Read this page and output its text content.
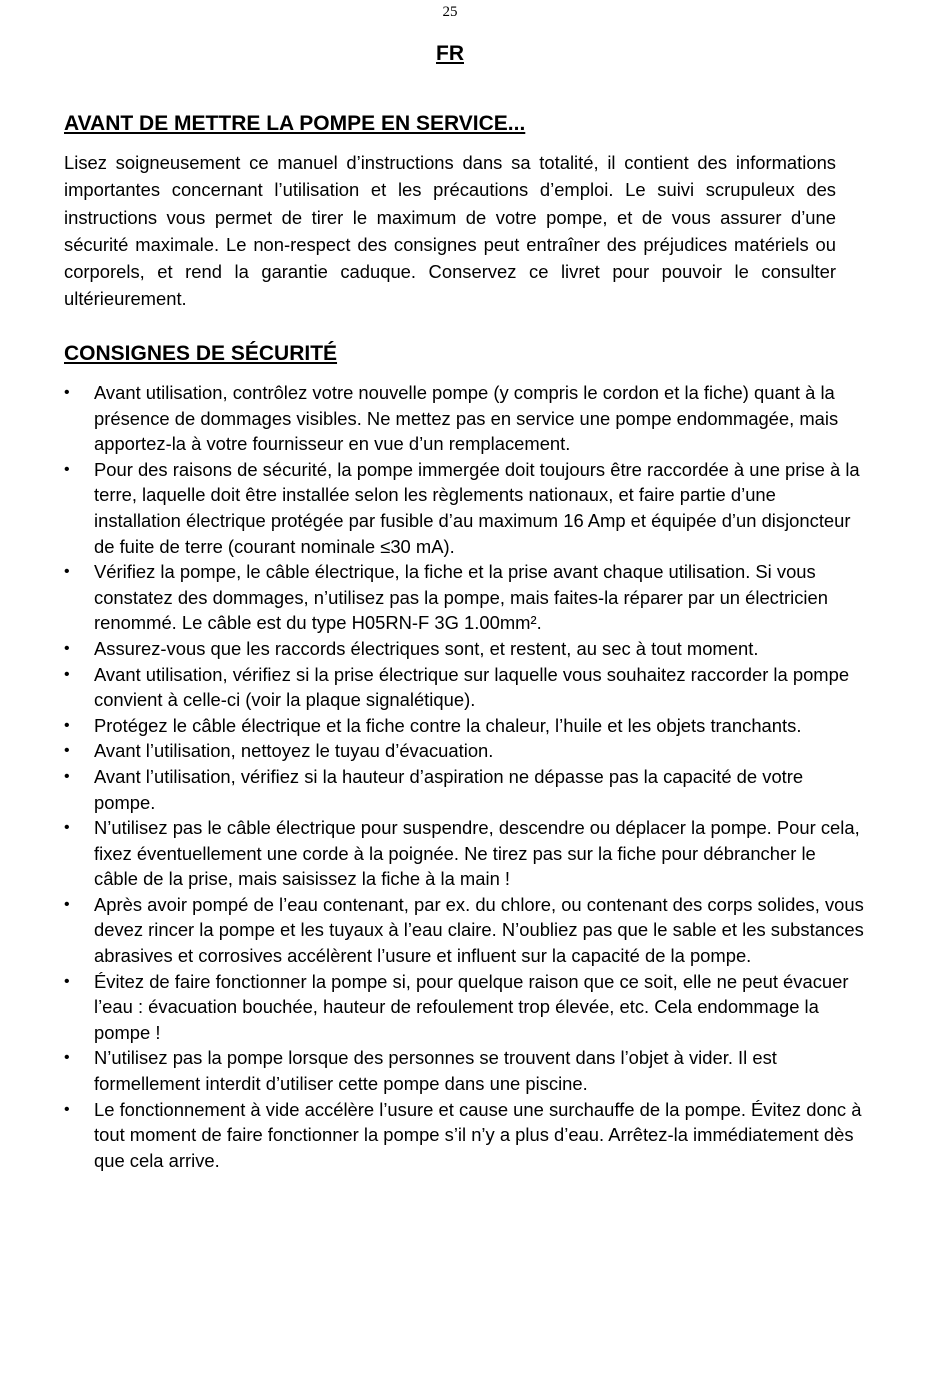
25
FR
AVANT DE METTRE LA POMPE EN SERVICE...

Lisez soigneusement ce manuel d’instructions dans sa totalité, il contient des informations importantes concernant l’utilisation et les précautions d’emploi. Le suivi scrupuleux des instructions vous permet de tirer le maximum de votre pompe, et de vous assurer d’une sécurité maximale. Le non-respect des consignes peut entraîner des préjudices matériels ou corporels, et rend la garantie caduque. Conservez ce livret pour pouvoir le consulter ultérieurement.

CONSIGNES DE SÉCURITÉ
• Avant utilisation, contrôlez votre nouvelle pompe (y compris le cordon et la fiche) quant à la présence de dommages visibles. Ne mettez pas en service une pompe endommagée, mais apportez-la à votre fournisseur en vue d’un remplacement.
• Pour des raisons de sécurité, la pompe immergée doit toujours être raccordée à une prise à la terre, laquelle doit être installée selon les règlements nationaux, et faire partie d’une installation électrique protégée par fusible d’au maximum 16 Amp et équipée d’un disjoncteur de fuite de terre (courant nominale ≤30 mA).
• Vérifiez la pompe, le câble électrique, la fiche et la prise avant chaque utilisation. Si vous constatez des dommages, n’utilisez pas la pompe, mais faites-la réparer par un électricien renommé. Le câble est du type H05RN-F 3G 1.00mm².
• Assurez-vous que les raccords électriques sont, et restent, au sec à tout moment.
• Avant utilisation, vérifiez si la prise électrique sur laquelle vous souhaitez raccorder la pompe convient à celle-ci (voir la plaque signalétique).
• Protégez le câble électrique et la fiche contre la chaleur, l’huile et les objets tranchants.
• Avant l’utilisation, nettoyez le tuyau d’évacuation.
• Avant l’utilisation, vérifiez si la hauteur d’aspiration ne dépasse pas la capacité de votre pompe.
• N’utilisez pas le câble électrique pour suspendre, descendre ou déplacer la pompe. Pour cela, fixez éventuellement une corde à la poignée. Ne tirez pas sur la fiche pour débrancher le câble de la prise, mais saisissez la fiche à la main !
• Après avoir pompé de l’eau contenant, par ex. du chlore, ou contenant des corps solides, vous devez rincer la pompe et les tuyaux à l’eau claire. N’oubliez pas que le sable et les substances abrasives et corrosives accélèrent l’usure et influent sur la capacité de la pompe.
• Évitez de faire fonctionner la pompe si, pour quelque raison que ce soit, elle ne peut évacuer l’eau : évacuation bouchée, hauteur de refoulement trop élevée, etc. Cela endommage la pompe !
• N’utilisez pas la pompe lorsque des personnes se trouvent dans l’objet à vider. Il est formellement interdit d’utiliser cette pompe dans une piscine.
• Le fonctionnement à vide accélère l’usure et cause une surchauffe de la pompe. Évitez donc à tout moment de faire fonctionner la pompe s’il n’y a plus d’eau. Arrêtez-la immédiatement dès que cela arrive.
